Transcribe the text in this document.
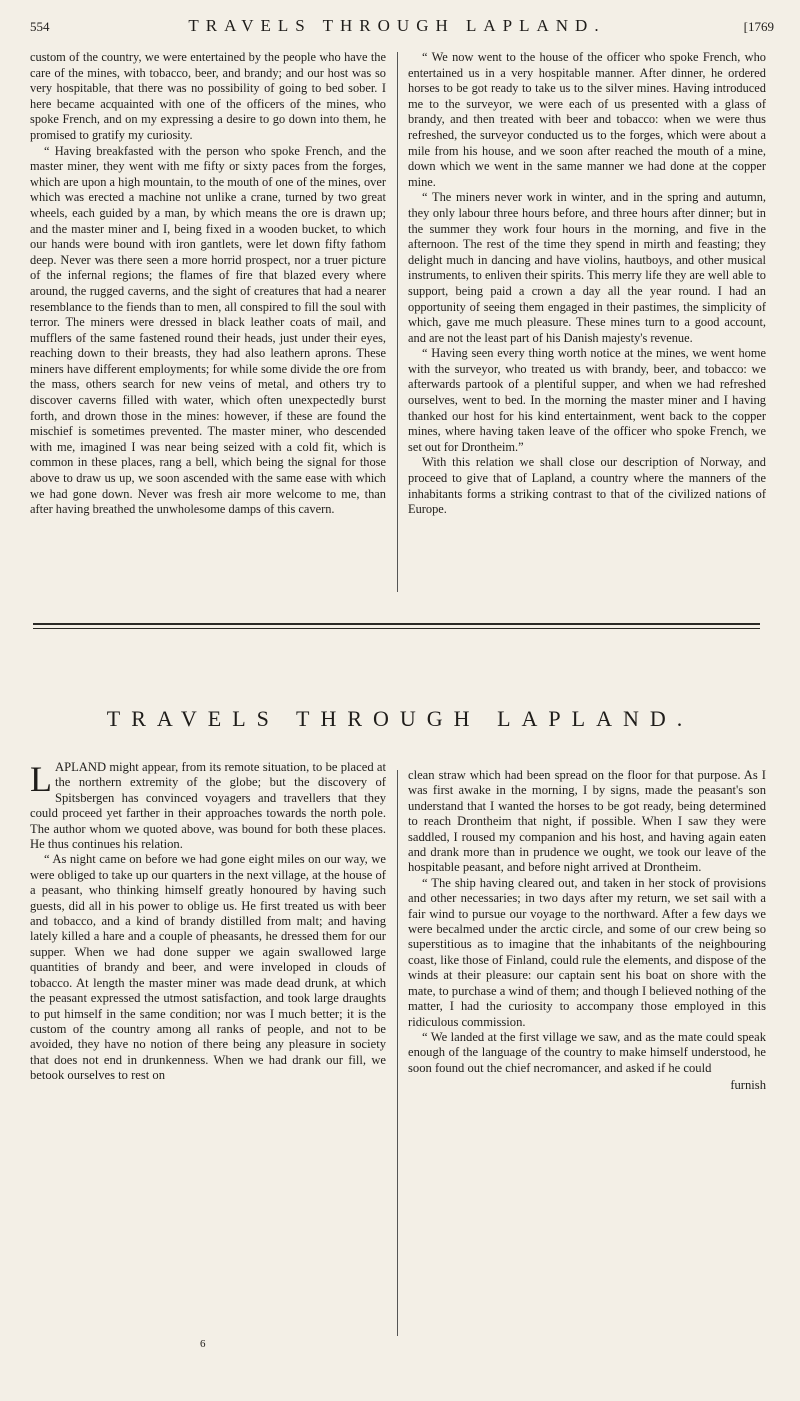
554	TRAVELS THROUGH LAPLAND.	[1769

custom of the country, we were entertained by the people who have the care of the mines, with tobacco, beer, and brandy; and our host was so very hospitable, that there was no possibility of going to bed sober. I here became acquainted with one of the officers of the mines, who spoke French, and on my expressing a desire to go down into them, he promised to gratify my curiosity.

“ Having breakfasted with the person who spoke French, and the master miner, they went with me fifty or sixty paces from the forges, which are upon a high mountain, to the mouth of one of the mines, over which was erected a machine not unlike a crane, turned by two great wheels, each guided by a man, by which means the ore is drawn up; and the master miner and I, being fixed in a wooden bucket, to which our hands were bound with iron gantlets, were let down fifty fathom deep. Never was there seen a more horrid prospect, nor a truer picture of the infernal regions; the flames of fire that blazed every where around, the rugged caverns, and the sight of creatures that had a nearer resemblance to the fiends than to men, all conspired to fill the soul with terror. The miners were dressed in black leather coats of mail, and mufflers of the same fastened round their heads, just under their eyes, reaching down to their breasts, they had also leathern aprons. These miners have different employments; for while some divide the ore from the mass, others search for new veins of metal, and others try to discover caverns filled with water, which often unexpectedly burst forth, and drown those in the mines: however, if these are found the mischief is sometimes prevented. The master miner, who descended with me, imagined I was near being seized with a cold fit, which is common in these places, rang a bell, which being the signal for those above to draw us up, we soon ascended with the same ease with which we had gone down. Never was fresh air more welcome to me, than after having breathed the unwholesome damps of this cavern.

“ We now went to the house of the officer who spoke French, who entertained us in a very hospitable manner. After dinner, he ordered horses to be got ready to take us to the silver mines. Having introduced me to the surveyor, we were each of us presented with a glass of brandy, and then treated with beer and tobacco: when we were thus refreshed, the surveyor conducted us to the forges, which were about a mile from his house, and we soon after reached the mouth of a mine, down which we went in the same manner we had done at the copper mine.

“ The miners never work in winter, and in the spring and autumn, they only labour three hours before, and three hours after dinner; but in the summer they work four hours in the morning, and five in the afternoon. The rest of the time they spend in mirth and feasting; they delight much in dancing and have violins, hautboys, and other musical instruments, to enliven their spirits. This merry life they are well able to support, being paid a crown a day all the year round. I had an opportunity of seeing them engaged in their pastimes, the simplicity of which, gave me much pleasure. These mines turn to a good account, and are not the least part of his Danish majesty's revenue.

“ Having seen every thing worth notice at the mines, we went home with the surveyor, who treated us with brandy, beer, and tobacco: we afterwards partook of a plentiful supper, and when we had refreshed ourselves, went to bed. In the morning the master miner and I having thanked our host for his kind entertainment, went back to the copper mines, where having taken leave of the officer who spoke French, we set out for Drontheim.”

With this relation we shall close our description of Norway, and proceed to give that of Lapland, a country where the manners of the inhabitants forms a striking contrast to that of the civilized nations of Europe.

TRAVELS THROUGH LAPLAND.

LAPLAND might appear, from its remote situation, to be placed at the northern extremity of the globe; but the discovery of Spitsbergen has convinced voyagers and travellers that they could proceed yet farther in their approaches towards the north pole. The author whom we quoted above, was bound for both these places. He thus continues his relation.

“ As night came on before we had gone eight miles on our way, we were obliged to take up our quarters in the next village, at the house of a peasant, who thinking himself greatly honoured by having such guests, did all in his power to oblige us. He first treated us with beer and tobacco, and a kind of brandy distilled from malt; and having lately killed a hare and a couple of pheasants, he dressed them for our supper. When we had done supper we again swallowed large quantities of brandy and beer, and were inveloped in clouds of tobacco. At length the master miner was made dead drunk, at which the peasant expressed the utmost satisfaction, and took large draughts to put himself in the same condition; nor was I much better; it is the custom of the country among all ranks of people, and not to be avoided, they have no notion of there being any pleasure in society that does not end in drunkenness. When we had drank our fill, we betook ourselves to rest on

clean straw which had been spread on the floor for that purpose. As I was first awake in the morning, I by signs, made the peasant's son understand that I wanted the horses to be got ready, being determined to reach Drontheim that night, if possible. When I saw they were saddled, I roused my companion and his host, and having again eaten and drank more than in prudence we ought, we took our leave of the hospitable peasant, and before night arrived at Drontheim.

“ The ship having cleared out, and taken in her stock of provisions and other necessaries; in two days after my return, we set sail with a fair wind to pursue our voyage to the northward. After a few days we were becalmed under the arctic circle, and some of our crew being so superstitious as to imagine that the inhabitants of the neighbouring coast, like those of Finland, could rule the elements, and dispose of the winds at their pleasure: our captain sent his boat on shore with the mate, to purchase a wind of them; and though I believed nothing of the matter, I had the curiosity to accompany those employed in this ridiculous commission.

“ We landed at the first village we saw, and as the mate could speak enough of the language of the country to make himself understood, he soon found out the chief necromancer, and asked if he could

furnish
6
